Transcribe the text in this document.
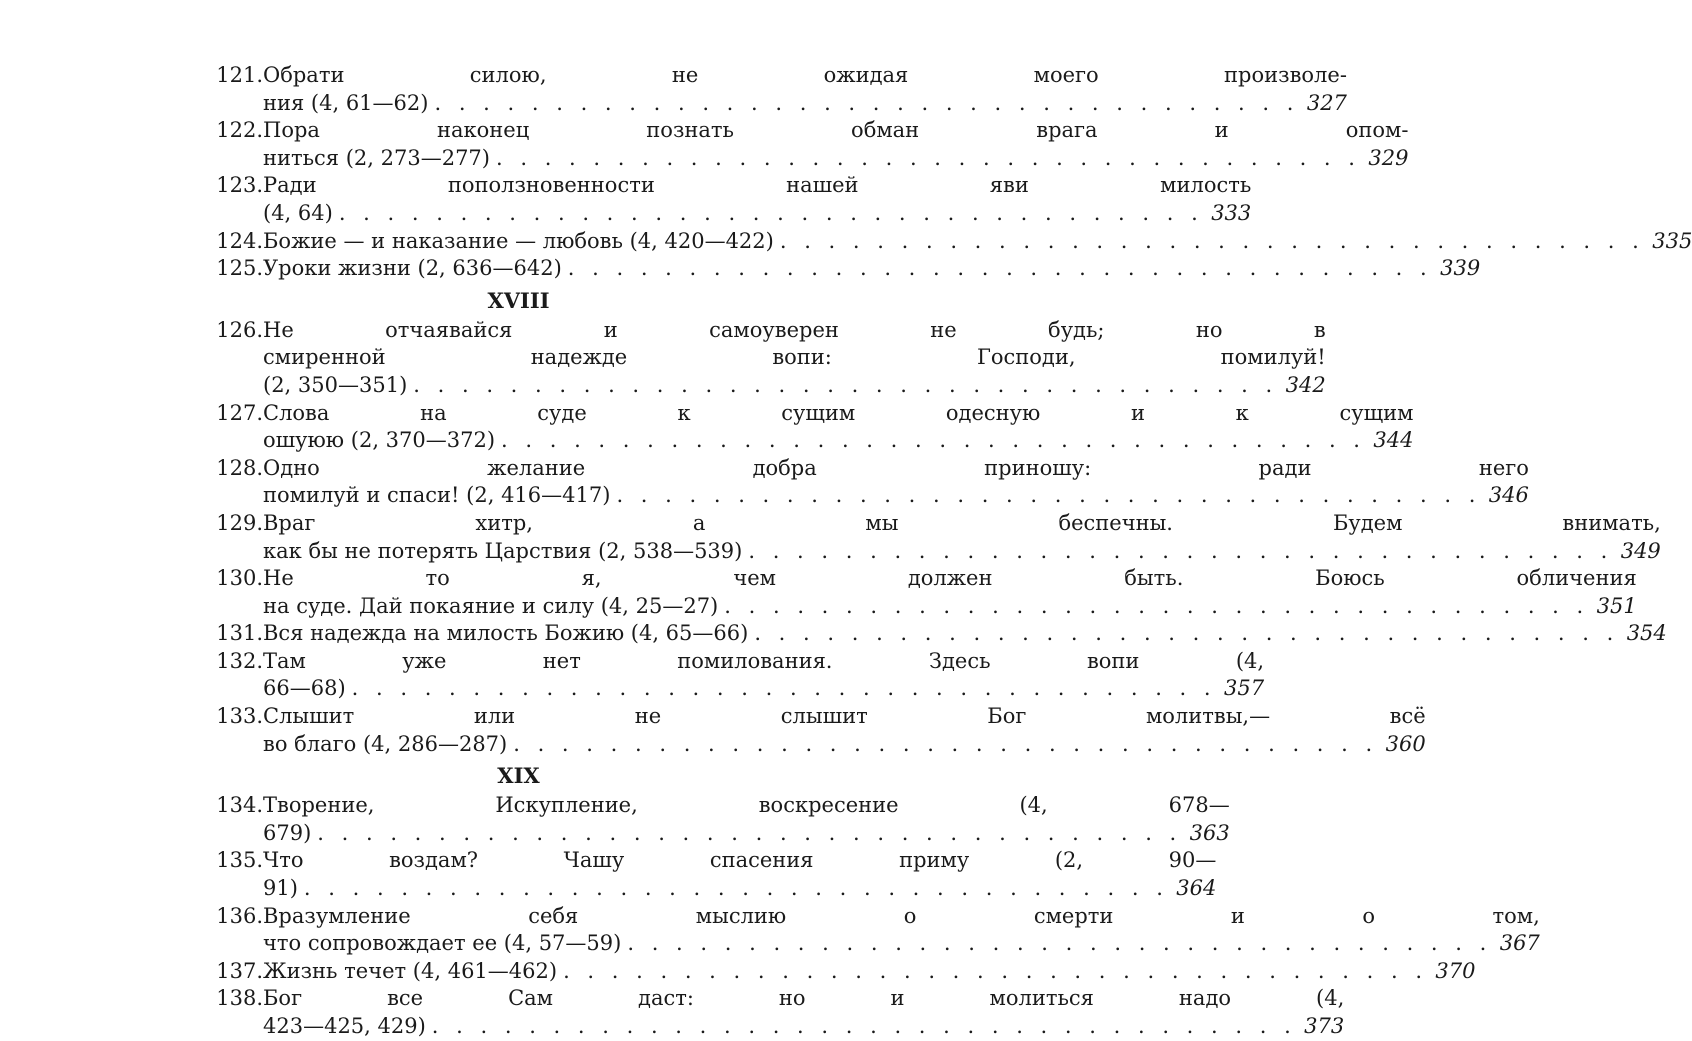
121. Обрати силою, не ожидая моего произволе-
ния (4, 61—62) . . . . . . . . . . . . . . . . . . . . . . . . . . . . . . . . . . . . 327
122. Пора наконец познать обман врага и опом-
ниться (2, 273—277) . . . . . . . . . . . . . . . . . . . . . . . . . . . . . . . . . . . . 329
123. Ради поползновенности нашей яви милость
(4, 64) . . . . . . . . . . . . . . . . . . . . . . . . . . . . . . . . . . . . 333
124. Божие — и наказание — любовь (4, 420—422) . . . . . . . . . . . . . . . . . . . . . . . . . . . . . . . . . . . . 335
125. Уроки жизни (2, 636—642) . . . . . . . . . . . . . . . . . . . . . . . . . . . . . . . . . . . . 339
XVIII
126. Не отчаявайся и самоуверен не будь; но в
смиренной надежде вопи: Господи, помилуй!
(2, 350—351) . . . . . . . . . . . . . . . . . . . . . . . . . . . . . . . . . . . . 342
127. Слова на суде к сущим одесную и к сущим
ошуюю (2, 370—372) . . . . . . . . . . . . . . . . . . . . . . . . . . . . . . . . . . . . 344
128. Одно желание добра приношу: ради него
помилуй и спаси! (2, 416—417) . . . . . . . . . . . . . . . . . . . . . . . . . . . . . . . . . . . . 346
129. Враг хитр, а мы беспечны. Будем внимать,
как бы не потерять Царствия (2, 538—539) . . . . . . . . . . . . . . . . . . . . . . . . . . . . . . . . . . . . 349
130. Не то я, чем должен быть. Боюсь обличения
на суде. Дай покаяние и силу (4, 25—27) . . . . . . . . . . . . . . . . . . . . . . . . . . . . . . . . . . . . 351
131. Вся надежда на милость Божию (4, 65—66) . . . . . . . . . . . . . . . . . . . . . . . . . . . . . . . . . . . . 354
132. Там уже нет помилования. Здесь вопи (4,
66—68) . . . . . . . . . . . . . . . . . . . . . . . . . . . . . . . . . . . . 357
133. Слышит или не слышит Бог молитвы,— всё
во благо (4, 286—287) . . . . . . . . . . . . . . . . . . . . . . . . . . . . . . . . . . . . 360
XIX
134. Творение, Искупление, воскресение (4, 678—
679) . . . . . . . . . . . . . . . . . . . . . . . . . . . . . . . . . . . . 363
135. Что воздам? Чашу спасения приму (2, 90—
91) . . . . . . . . . . . . . . . . . . . . . . . . . . . . . . . . . . . . 364
136. Вразумление себя мыслию о смерти и о том,
что сопровождает ее (4, 57—59) . . . . . . . . . . . . . . . . . . . . . . . . . . . . . . . . . . . . 367
137. Жизнь течет (4, 461—462) . . . . . . . . . . . . . . . . . . . . . . . . . . . . . . . . . . . . 370
138. Бог все Сам даст: но и молиться надо (4,
423—425, 429) . . . . . . . . . . . . . . . . . . . . . . . . . . . . . . . . . . . . 373
